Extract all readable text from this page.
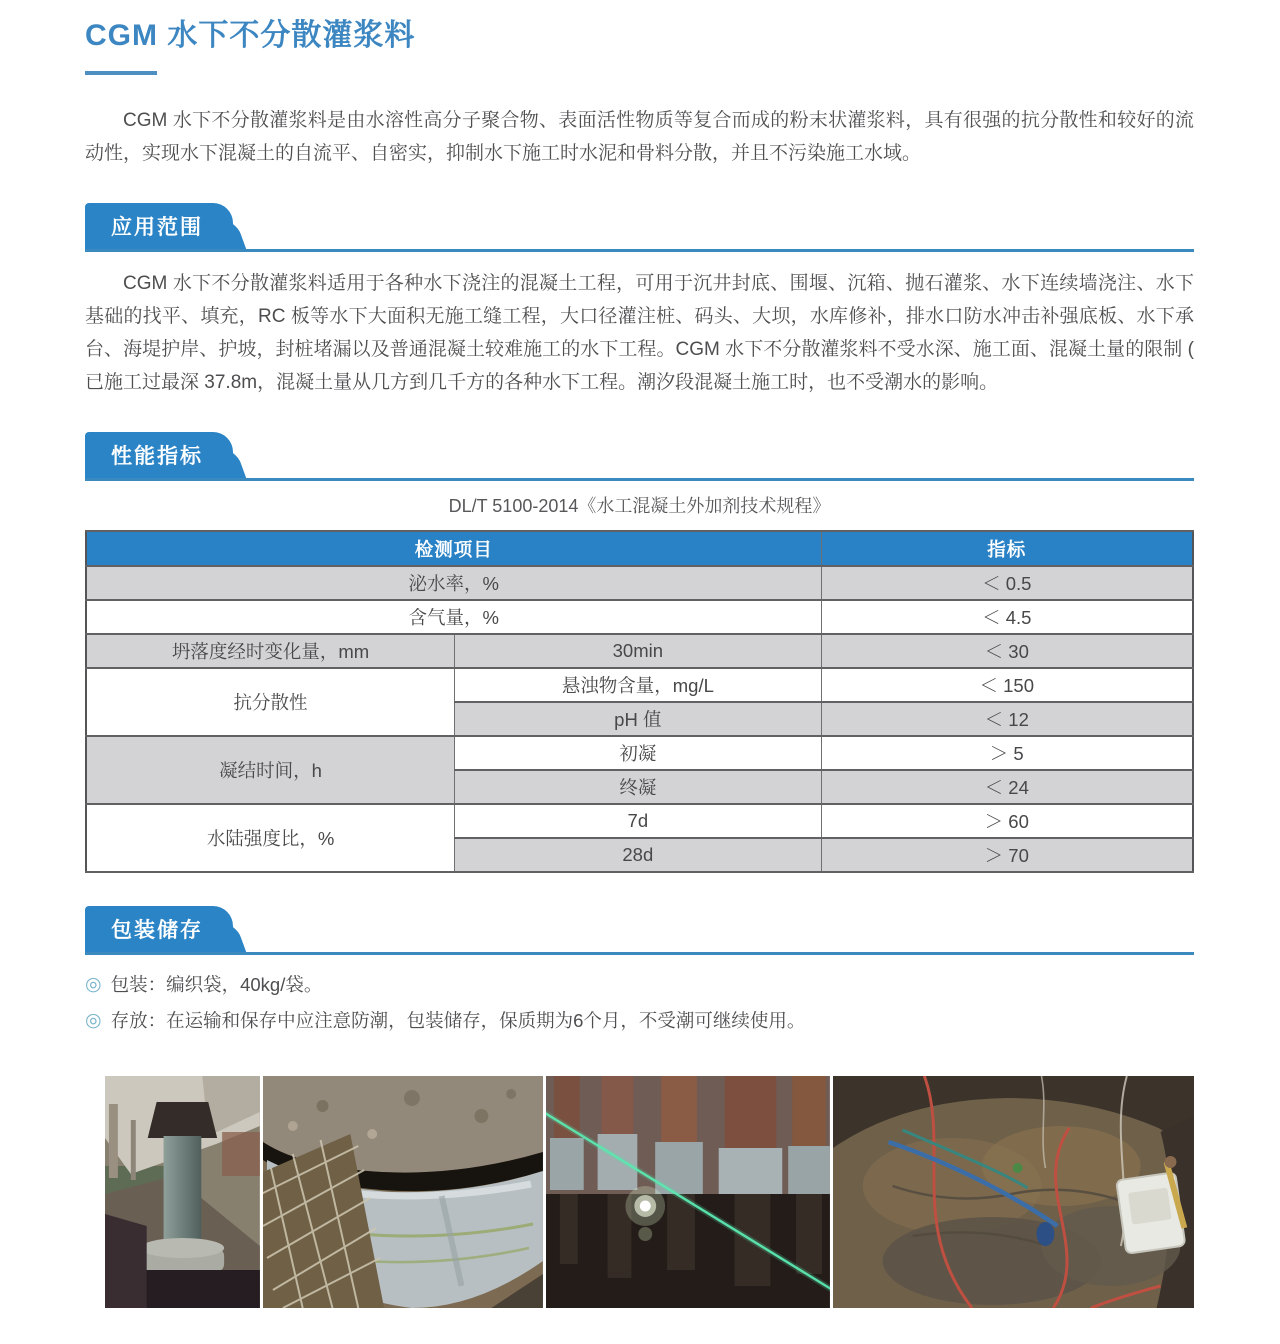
CGM 水下不分散灌浆料

CGM 水下不分散灌浆料是由水溶性高分子聚合物、表面活性物质等复合而成的粉末状灌浆料，具有很强的抗分散性和较好的流动性，实现水下混凝土的自流平、自密实，抑制水下施工时水泥和骨料分散，并且不污染施工水域。

应用范围

CGM 水下不分散灌浆料适用于各种水下浇注的混凝土工程，可用于沉井封底、围堰、沉箱、抛石灌浆、水下连续墙浇注、水下基础的找平、填充，RC 板等水下大面积无施工缝工程，大口径灌注桩、码头、大坝，水库修补，排水口防水冲击补强底板、水下承台、海堤护岸、护坡，封桩堵漏以及普通混凝土较难施工的水下工程。CGM 水下不分散灌浆料不受水深、施工面、混凝土量的限制 ( 已施工过最深 37.8m，混凝土量从几方到几千方的各种水下工程。潮汐段混凝土施工时，也不受潮水的影响。

性能指标
DL/T 5100-2014《水工混凝土外加剂技术规程》
检测项目		指标
泌水率，%		＜ 0.5
含气量，%		＜ 4.5
坍落度经时变化量，mm	30min	＜ 30
抗分散性	悬浊物含量，mg/L	＜ 150
	pH 值	＜ 12
凝结时间，h	初凝	＞ 5
	终凝	＜ 24
水陆强度比，%	7d	＞ 60
	28d	＞ 70
包装储存
◎ 包装：编织袋，40kg/袋。
◎ 存放：在运输和保存中应注意防潮，包装储存，保质期为6个月，不受潮可继续使用。
